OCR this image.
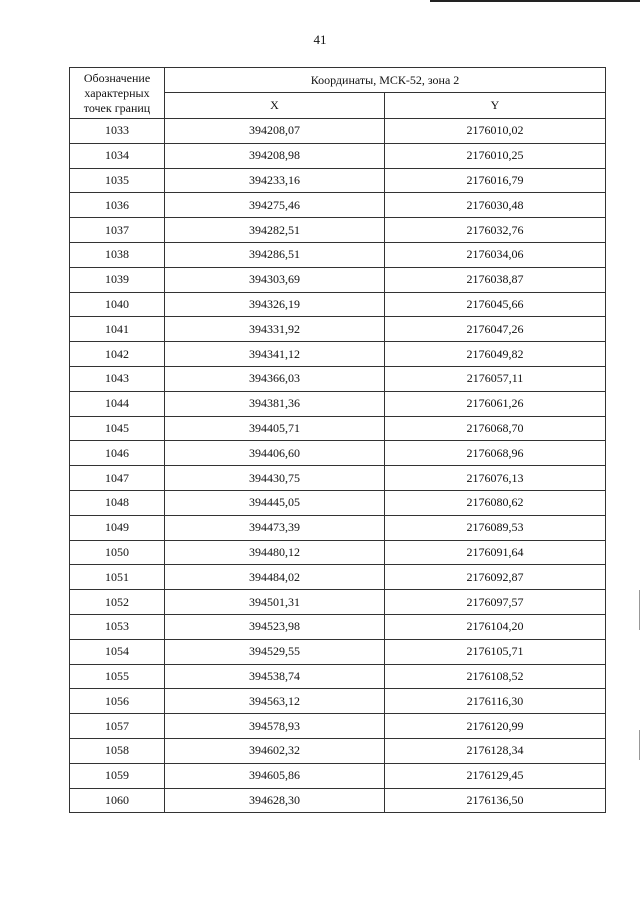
41
Обозначение характерных точек границ	Координаты, МСК-52, зона 2	
	X	Y
1033	394208,07	2176010,02
1034	394208,98	2176010,25
1035	394233,16	2176016,79
1036	394275,46	2176030,48
1037	394282,51	2176032,76
1038	394286,51	2176034,06
1039	394303,69	2176038,87
1040	394326,19	2176045,66
1041	394331,92	2176047,26
1042	394341,12	2176049,82
1043	394366,03	2176057,11
1044	394381,36	2176061,26
1045	394405,71	2176068,70
1046	394406,60	2176068,96
1047	394430,75	2176076,13
1048	394445,05	2176080,62
1049	394473,39	2176089,53
1050	394480,12	2176091,64
1051	394484,02	2176092,87
1052	394501,31	2176097,57
1053	394523,98	2176104,20
1054	394529,55	2176105,71
1055	394538,74	2176108,52
1056	394563,12	2176116,30
1057	394578,93	2176120,99
1058	394602,32	2176128,34
1059	394605,86	2176129,45
1060	394628,30	2176136,50
